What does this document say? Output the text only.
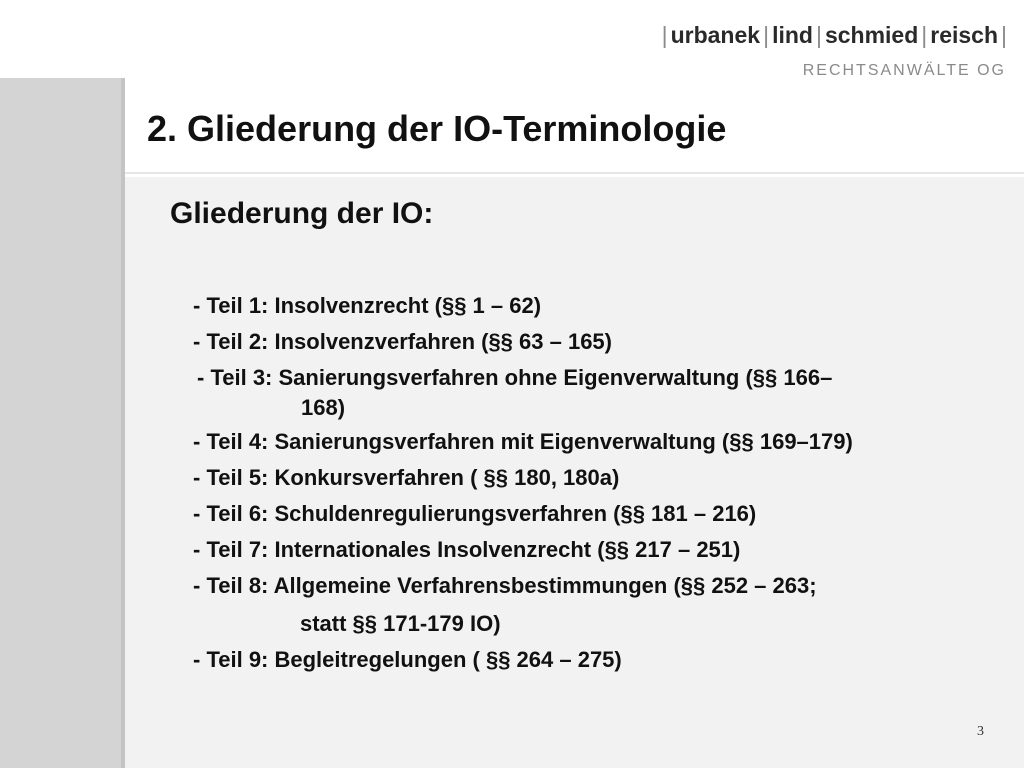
| urbanek | lind | schmied | reisch |
RECHTSANWÄLTE OG
2. Gliederung der IO-Terminologie
Gliederung der IO:
- Teil 1: Insolvenzrecht (§§ 1 – 62)
- Teil 2: Insolvenzverfahren (§§ 63 – 165)
- Teil 3: Sanierungsverfahren ohne Eigenverwaltung (§§ 166–
168)
- Teil 4: Sanierungsverfahren mit Eigenverwaltung (§§ 169–179)
- Teil 5: Konkursverfahren ( §§ 180, 180a)
- Teil 6: Schuldenregulierungsverfahren (§§ 181 – 216)
- Teil 7: Internationales Insolvenzrecht (§§ 217 – 251)
- Teil 8: Allgemeine Verfahrensbestimmungen (§§ 252 – 263;
statt §§ 171-179 IO)
- Teil 9: Begleitregelungen ( §§ 264 – 275)
3
